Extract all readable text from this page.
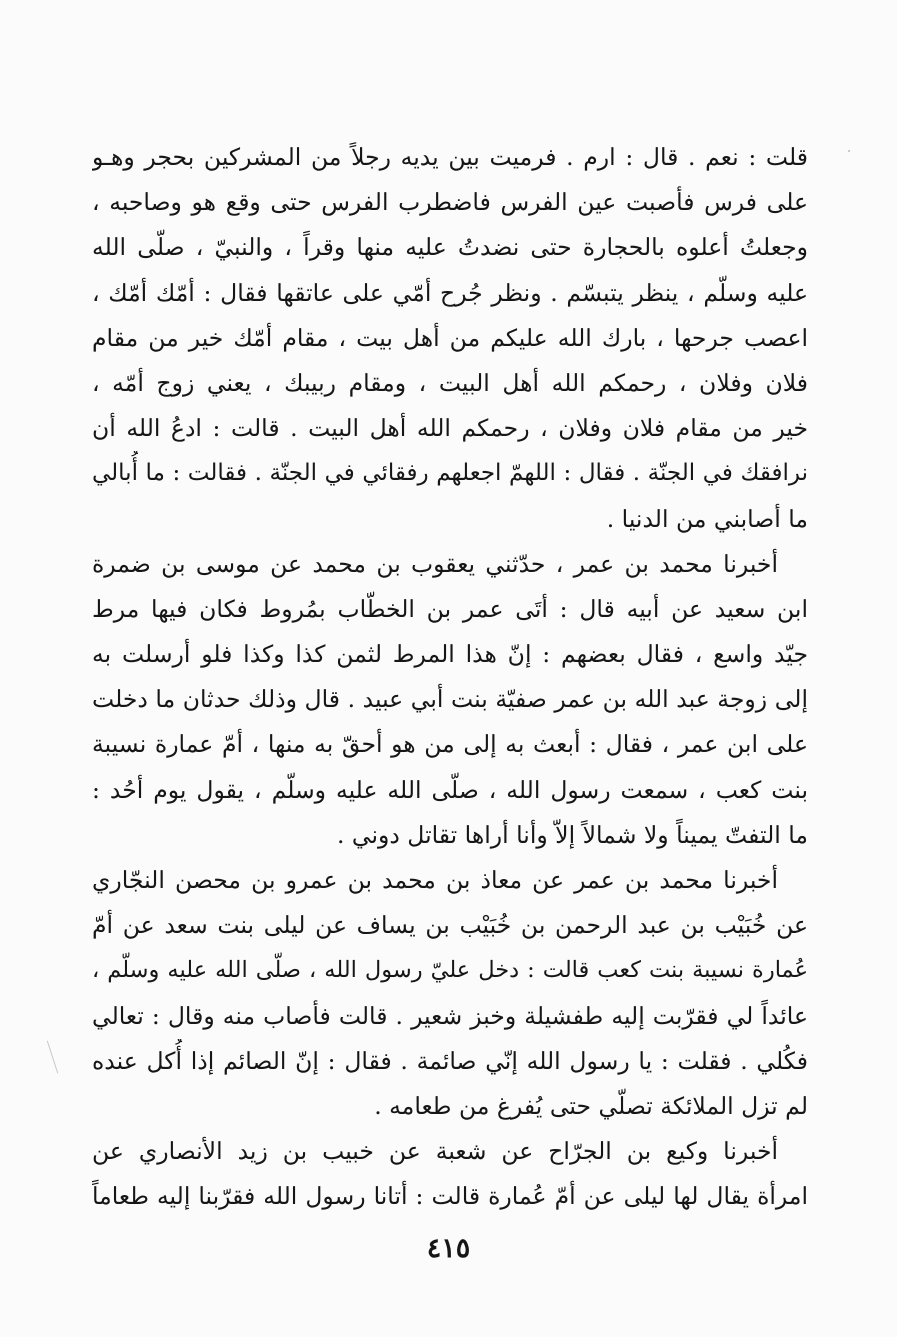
قلت : نعم . قال : ارم . فرميت بين يديه رجلاً من المشركين بحجر وهـو
على فرس فأصبت عين الفرس فاضطرب الفرس حتى وقع هو وصاحبه ،
وجعلتُ أعلوه بالحجارة حتى نضدتُ عليه منها وقراً ، والنبيّ ، صلّى الله
عليه وسلّم ، ينظر يتبسّم . ونظر جُرح أمّي على عاتقها فقال : أمّك أمّك ،
اعصب جرحها ، بارك الله عليكم من أهل بيت ، مقام أمّك خير من مقام
فلان وفلان ، رحمكم الله أهل البيت ، ومقام ربيبك ، يعني زوج أمّه ،
خير من مقام فلان وفلان ، رحمكم الله أهل البيت . قالت : ادعُ الله أن
نرافقك في الجنّة . فقال : اللهمّ اجعلهم رفقائي في الجنّة . فقالت : ما أُبالي
ما أصابني من الدنيا .
أخبرنا محمد بن عمر ، حدّثني يعقوب بن محمد عن موسى بن ضمرة
ابن سعيد عن أبيه قال : أتَى عمر بن الخطّاب بمُروط فكان فيها مرط
جيّد واسع ، فقال بعضهم : إنّ هذا المرط لثمن كذا وكذا فلو أرسلت به
إلى زوجة عبد الله بن عمر صفيّة بنت أبي عبيد . قال وذلك حدثان ما دخلت
على ابن عمر ، فقال : أبعث به إلى من هو أحقّ به منها ، أمّ عمارة نسيبة
بنت كعب ، سمعت رسول الله ، صلّى الله عليه وسلّم ، يقول يوم أحُد :
ما التفتّ يميناً ولا شمالاً إلاّ وأنا أراها تقاتل دوني .
أخبرنا محمد بن عمر عن معاذ بن محمد بن عمرو بن محصن النجّاري
عن خُبَيْب بن عبد الرحمن بن خُبَيْب بن يساف عن ليلى بنت سعد عن أمّ
عُمارة نسيبة بنت كعب قالت : دخل عليّ رسول الله ، صلّى الله عليه وسلّم ،
عائداً لي فقرّبت إليه طفشيلة وخبز شعير . قالت فأصاب منه وقال : تعالي
فكُلي . فقلت : يا رسول الله إنّي صائمة . فقال : إنّ الصائم إذا أُكل عنده
لم تزل الملائكة تصلّي حتى يُفرغ من طعامه .
أخبرنا وكيع بن الجرّاح عن شعبة عن خبيب بن زيد الأنصاري عن
امرأة يقال لها ليلى عن أمّ عُمارة قالت : أتانا رسول الله فقرّبنا إليه طعاماً
٤١٥
